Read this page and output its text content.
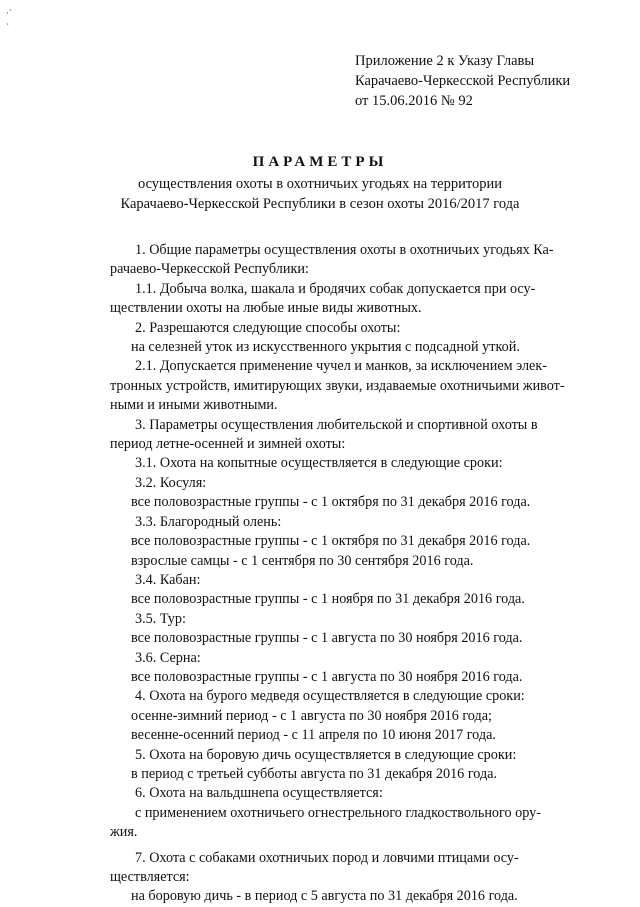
·´
`
Приложение 2 к Указу Главы
Карачаево-Черкесской Республики
от 15.06.2016 № 92
ПАРАМЕТРЫ
осуществления охоты в охотничьих угодьях на территории
Карачаево-Черкесской Республики в сезон охоты 2016/2017 года
1. Общие параметры осуществления охоты в охотничьих угодьях Ка-
рачаево-Черкесской Республики:
1.1. Добыча волка, шакала и бродячих собак допускается при осу-
ществлении охоты на любые иные виды животных.
2. Разрешаются следующие способы охоты:
на селезней уток из искусственного укрытия с подсадной уткой.
2.1. Допускается применение чучел и манков, за исключением элек-
тронных устройств, имитирующих звуки, издаваемые охотничьими живот-
ными и иными животными.
3. Параметры осуществления любительской и спортивной охоты в
период летне-осенней и зимней охоты:
3.1. Охота на копытные осуществляется в следующие сроки:
3.2. Косуля:
все половозрастные группы - с 1 октября по 31 декабря 2016 года.
3.3. Благородный олень:
все половозрастные группы - с 1 октября по 31 декабря 2016 года.
взрослые самцы - с 1 сентября по 30 сентября 2016 года.
3.4. Кабан:
все половозрастные группы - с 1 ноября по 31 декабря 2016 года.
3.5. Тур:
все половозрастные группы - с 1 августа по 30 ноября 2016 года.
3.6. Серна:
все половозрастные группы - с 1 августа по 30 ноября 2016 года.
4. Охота на бурого медведя осуществляется в следующие сроки:
осенне-зимний период - с 1 августа по 30 ноября 2016 года;
весенне-осенний период - с 11 апреля по 10 июня 2017 года.
5. Охота на боровую дичь осуществляется в следующие сроки:
в период с третьей субботы августа по 31 декабря 2016 года.
6. Охота на вальдшнепа осуществляется:
с применением охотничьего огнестрельного гладкоствольного ору-
жия.
7. Охота с собаками охотничьих пород и ловчими птицами осу-
ществляется:
на боровую дичь - в период с 5 августа по 31 декабря 2016 года.
